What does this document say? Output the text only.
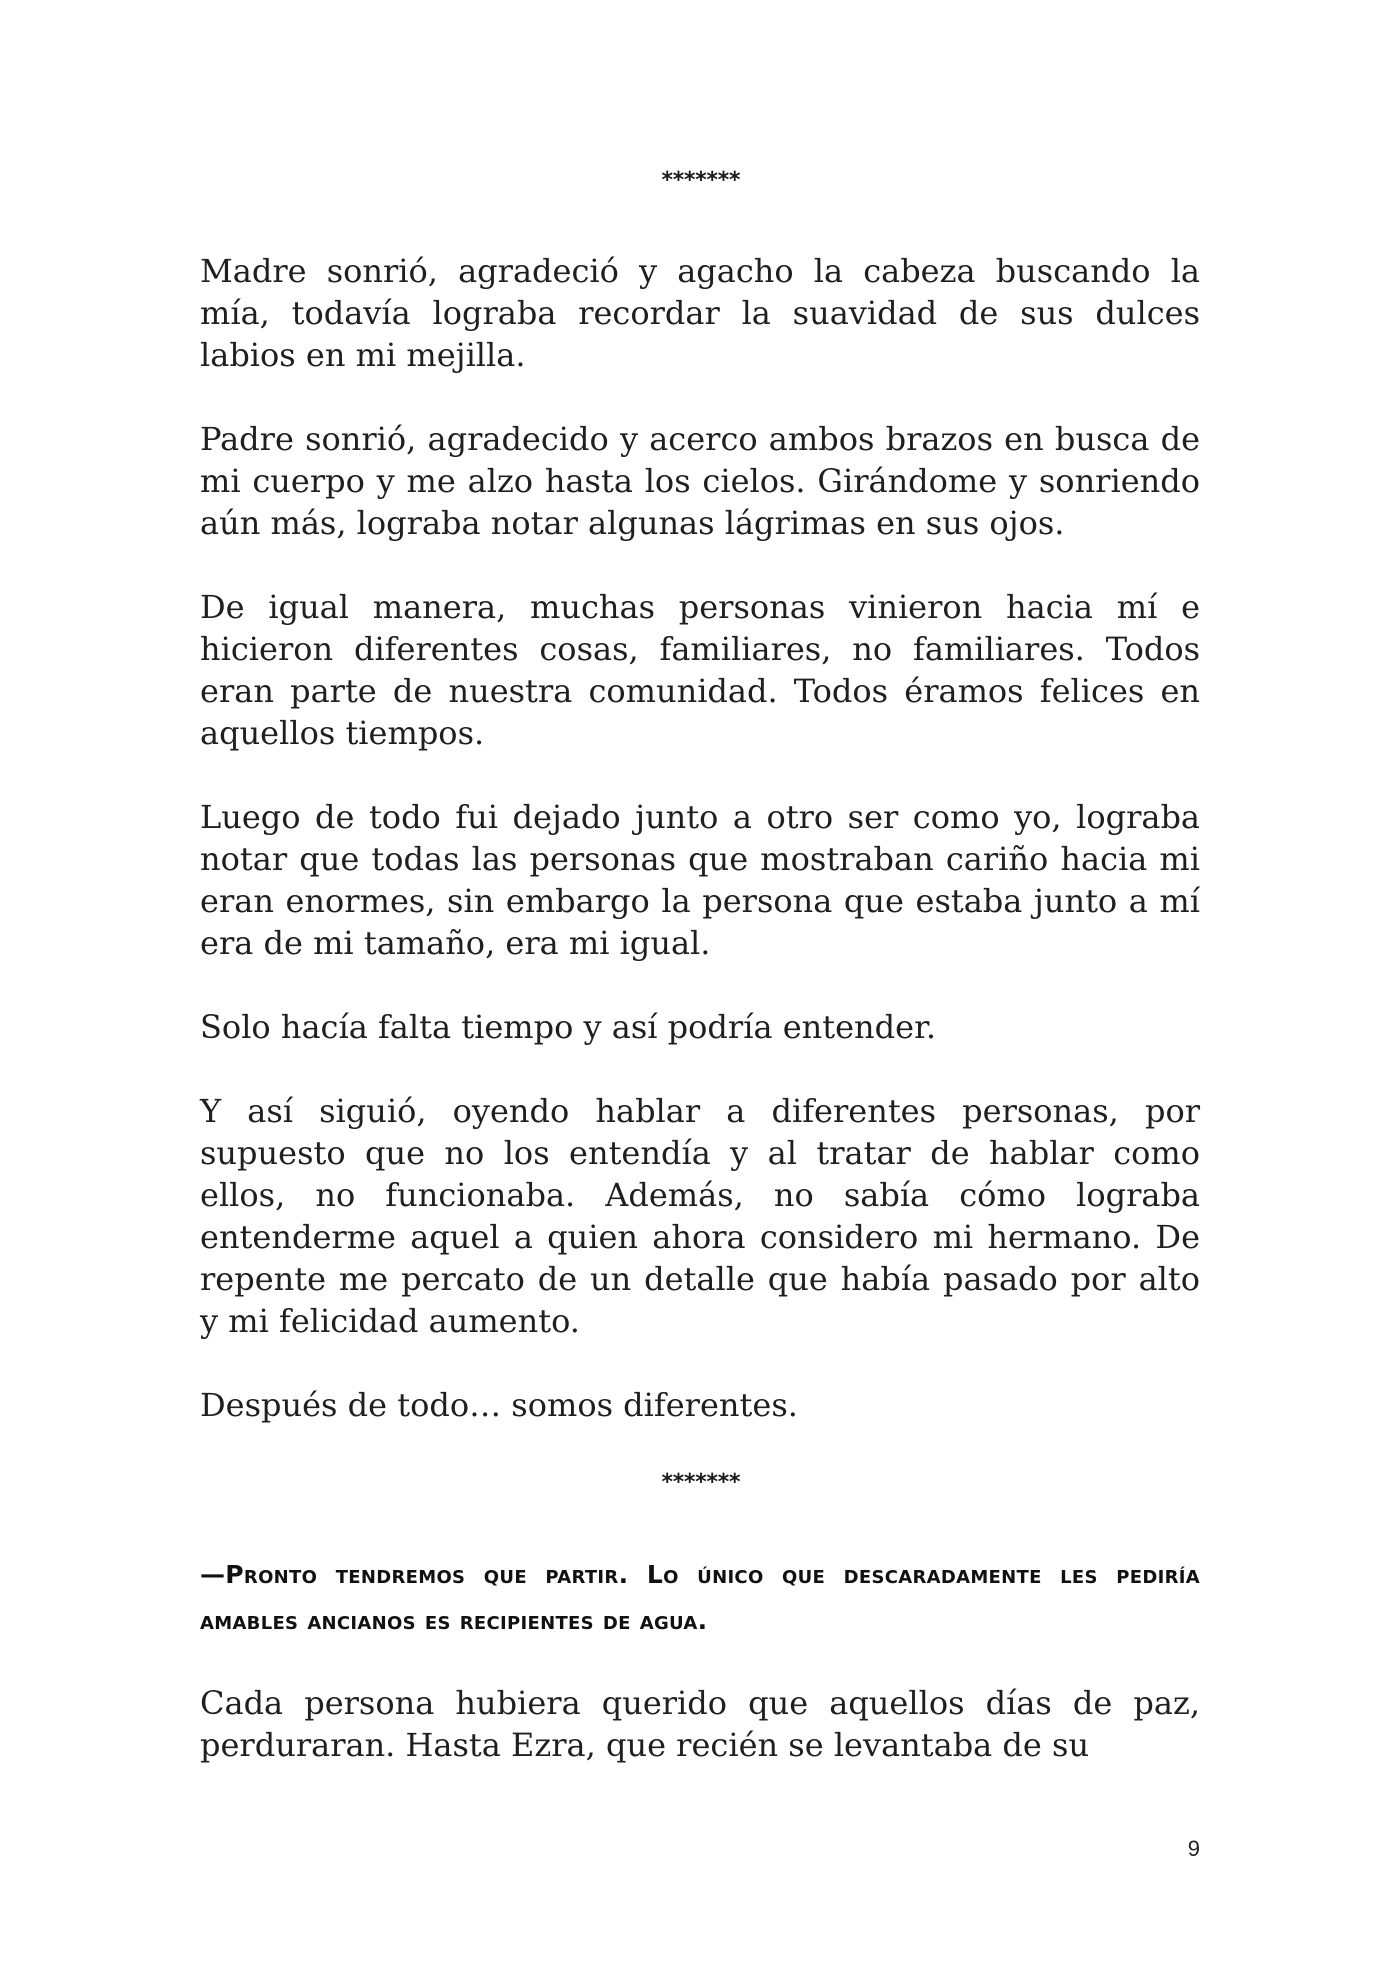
*******

Madre sonrió, agradeció y agacho la cabeza buscando la mía, todavía lograba recordar la suavidad de sus dulces labios en mi mejilla.

Padre sonrió, agradecido y acerco ambos brazos en busca de mi cuerpo y me alzo hasta los cielos. Girándome y sonriendo aún más, lograba notar algunas lágrimas en sus ojos.

De igual manera, muchas personas vinieron hacia mí e hicieron diferentes cosas, familiares, no familiares. Todos eran parte de nuestra comunidad. Todos éramos felices en aquellos tiempos.

Luego de todo fui dejado junto a otro ser como yo, lograba notar que todas las personas que mostraban cariño hacia mi eran enormes, sin embargo la persona que estaba junto a mí era de mi tamaño, era mi igual.

Solo hacía falta tiempo y así podría entender.

Y así siguió, oyendo hablar a diferentes personas, por supuesto que no los entendía y al tratar de hablar como ellos, no funcionaba. Además, no sabía cómo lograba entenderme aquel a quien ahora considero mi hermano. De repente me percato de un detalle que había pasado por alto y mi felicidad aumento.

Después de todo… somos diferentes.

*******

—Pronto tendremos que partir. Lo único que descaradamente les pediría amables ancianos es recipientes de agua.

Cada persona hubiera querido que aquellos días de paz, perduraran. Hasta Ezra, que recién se levantaba de su

9
